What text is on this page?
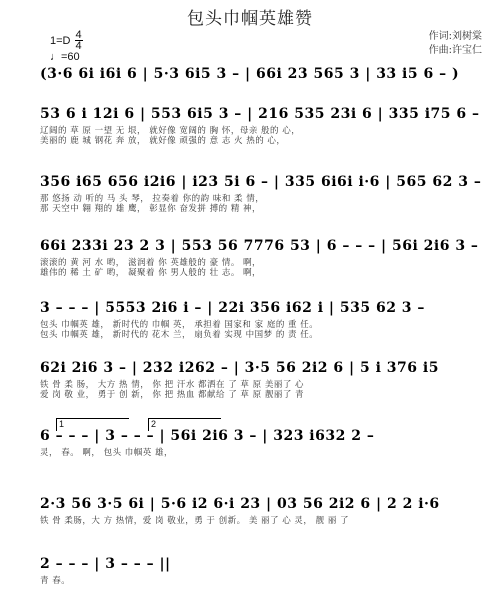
包头巾帼英雄赞
1=D 4
4
♩=60
作词:刘树棠
作曲:许宝仁
(3·6 6i i6i 6 | 5·3 6i5 3 – | 66i 23 565 3 | 33 i5 6 – )
53 6 i 12i 6 | 553 6i5 3 – | 216 535 23i 6 | 335 i75 6 –
辽阔的 草 原 一望 无 垠， 就好像 宽阔的 胸 怀，母亲 般的 心，
美丽的 鹿 城 钢花 奔 放， 就好像 顽强的 意 志 火 热的 心，
356 i65 656 i2i6 | i23 5i 6 – | 335 6i6i i·6 | 565 62 3 –
那 悠扬 动 听的 马 头 琴， 拉奏着 你的韵 味和 柔 情，
那 天空中 翱 翔的 雄 鹰， 彰显你 奋发拼 搏的 精 神，
66i 233i 23 2 3 | 553 56 7776 53 | 6 – – – | 56i 2i6 3 –
滚滚的 黄 河 水 哟， 滋润着 你 英雄般的 豪 情。 啊，
雄伟的 稀 土 矿 哟， 凝聚着 你 男人般的 壮 志。 啊，
3 – – – | 5553 2i6 i – | 22i 356 i62 i | 535 62 3 –
包头 巾帼英 雄， 新时代的 巾帼 英， 承担着 国家和 家 庭的 重 任。
包头 巾帼英 雄， 新时代的 花木 兰， 扇负着 实现 中国梦 的 责 任。
62i 2i6 3 – | 232 i262 – | 3·5 56 2i2 6 | 5 i 376 i5
铁 骨 柔 肠， 大方 热 情， 你 把 汗水 都洒在 了 草 原 美丽了 心
爱 岗 敬 业， 勇于 创 新， 你 把 热血 都献给 了 草 原 靓丽了 青
1	2
6 – – – | 3 – – – | 56i 2i6 3 – | 323 i632 2 –
灵， 春。 啊， 包头 巾帼英 雄，
2·3 56 3·5 6i | 5·6 i2 6·i 23 | 03 56 2i2 6 | 2 2 i·6
铁 骨 柔肠，大 方 热情，爱 岗 敬业，勇 于 创新。 美 丽了 心 灵， 靓 丽 了
2 – – – | 3 – – – ||
青 春。
